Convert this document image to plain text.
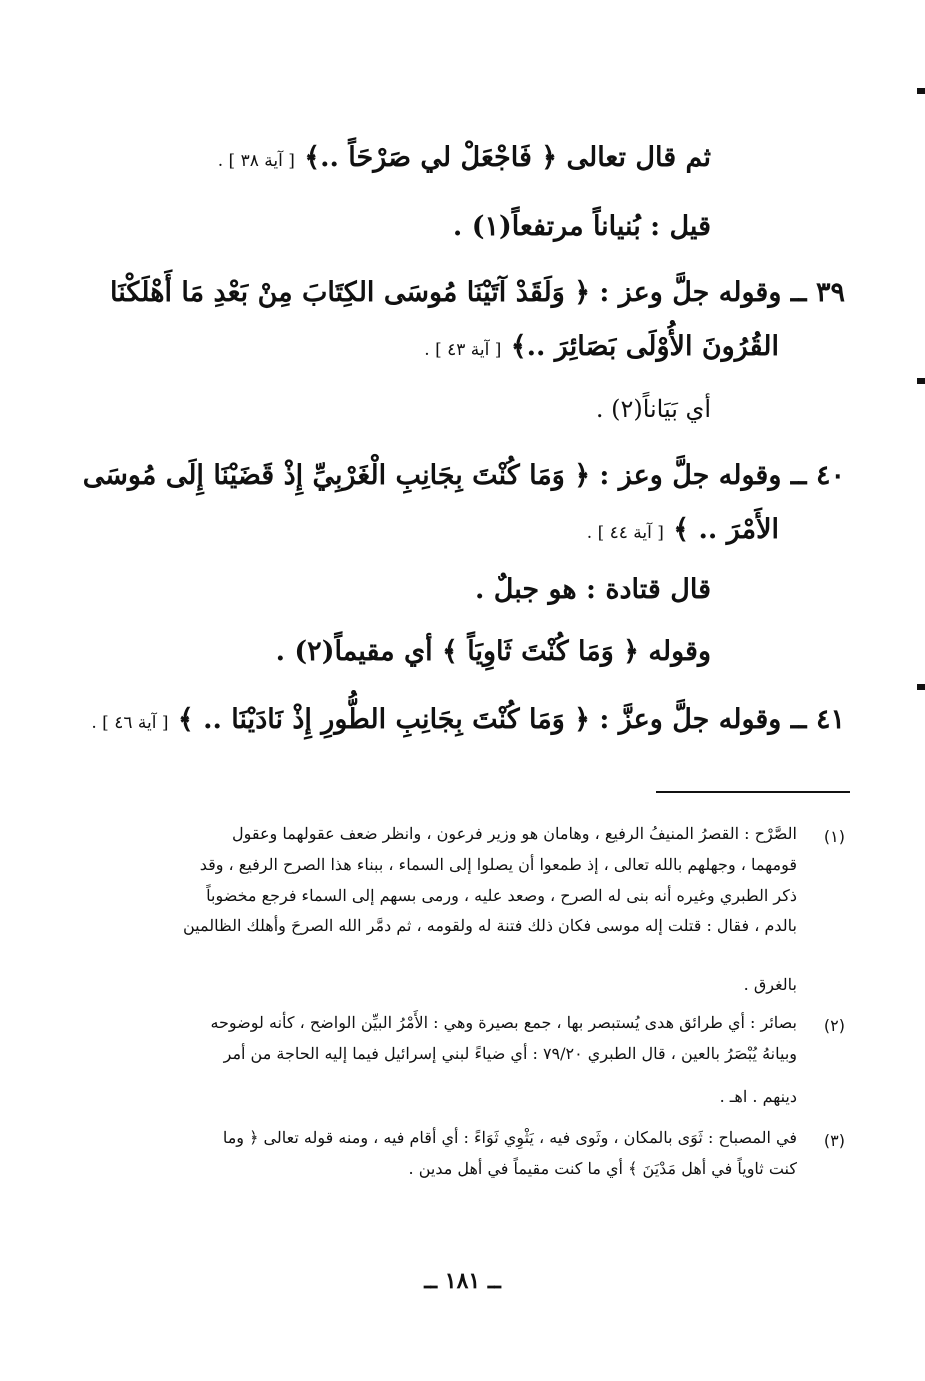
ثم قال تعالى ﴿ فَاجْعَلْ لي صَرْحَاً ..﴾ [ آية ٣٨ ] .
قيل : بُنياناً مرتفعاً(١) .
٣٩ ــ وقوله جلَّ وعز : ﴿ وَلَقَدْ آتَيْنَا مُوسَى الكِتَابَ مِنْ بَعْدِ مَا أَهْلَكْنَا
القُرُونَ الأُوْلَى بَصَائِرَ ..﴾ [ آية ٤٣ ] .
أي بَيَاناً(٢) .
٤٠ ــ وقوله جلَّ وعز : ﴿ وَمَا كُنْتَ بِجَانِبِ الْغَرْبِيِّ إِذْ قَضَيْنَا إِلَى مُوسَى
الأَمْرَ .. ﴾ [ آية ٤٤ ] .
قال قتادة : هو جبلٌ .
وقوله ﴿ وَمَا كُنْتَ ثَاوِيَاً ﴾ أي مقيماً(٢) .
٤١ ــ وقوله جلَّ وعزَّ : ﴿ وَمَا كُنْتَ بِجَانِبِ الطُّورِ إِذْ نَادَيْنَا .. ﴾ [ آية ٤٦ ] .
(١)
الصَّرْح : القصرُ المنيفُ الرفيع ، وهامان هو وزير فرعون ، وانظر ضعف عقولهما وعقول
قومهما ، وجهلهم بالله تعالى ، إذ طمعوا أن يصلوا إلى السماء ، ببناء هذا الصرح الرفيع ، وقد
ذكر الطبري وغيره أنه بنى له الصرح ، وصعد عليه ، ورمى بسهم إلى السماء فرجع مخضوباً
بالدم ، فقال : قتلت إله موسى فكان ذلك فتنة له ولقومه ، ثم دمَّر الله الصرحَ وأهلك الظالمين
بالغرق .
(٢)
بصائر : أي طرائق هدى يُستبصر بها ، جمع بصيرة وهي : الأَمْرُ البيِّن الواضح ، كأنه لوضوحه
وبيانهُ يُبْصَرُ بالعين ، قال الطبري ٧٩/٢٠ : أي ضياءً لبني إسرائيل فيما إليه الحاجة من أمر
دينهم . اهـ .
(٣)
في المصباح : ثَوَى بالمكان ، وثَوى فيه ، يَثْوِي ثَوَاءً : أي أقام فيه ، ومنه قوله تعالى ﴿ وما
كنت ثاوياً في أهل مَدْيَنَ ﴾ أي ما كنت مقيماً في أهل مدين .
ــ ١٨١ ــ
